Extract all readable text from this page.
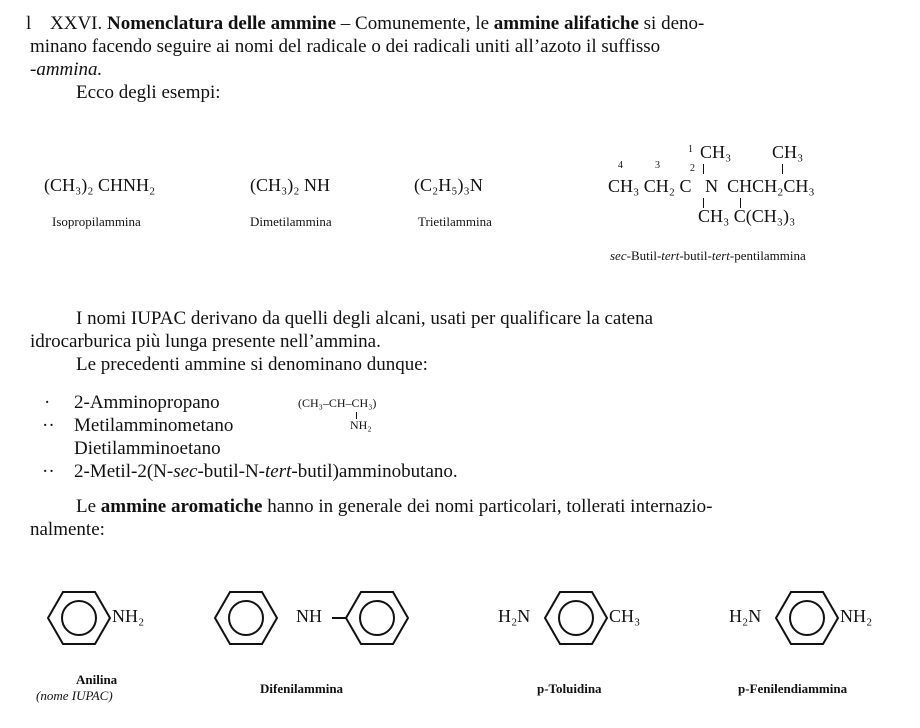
l XXVI. Nomenclatura delle ammine – Comunemente, le ammine alifatiche si deno-
minano facendo seguire ai nomi del radicale o dei radicali uniti all’azoto il suffisso
-ammina.
Ecco degli esempi:
(CH₃)₂ CHNH₂
Isopropilammina
(CH₃)₂ NH
Dimetilammina
(C₂H₅)₃N
Trietilammina
4	3	2
1 CH₃ CH₃
CH₃ CH₂ C   N  CHCH₂CH₃
CH₃ C(CH₃)₃
sec-Butil-tert-butil-tert-pentilammina
I nomi IUPAC derivano da quelli degli alcani, usati per qualificare la catena
idrocarburica più lunga presente nell’ammina.
Le precedenti ammine si denominano dunque:
· 2-Amminopropano
·· Metilamminometano
Dietilamminoetano
·· 2-Metil-2(N-sec-butil-N-tert-butil)amminobutano.
(CH₃–CH–CH₃)
NH₂
Le ammine aromatiche hanno in generale dei nomi particolari, tollerati internazio-
nalmente:
NH₂	NH	H₂N	CH₃	H₂N	NH₂
Anilina
(nome IUPAC)	Difenilammina	p-Toluidina	p-Fenilendiammina
